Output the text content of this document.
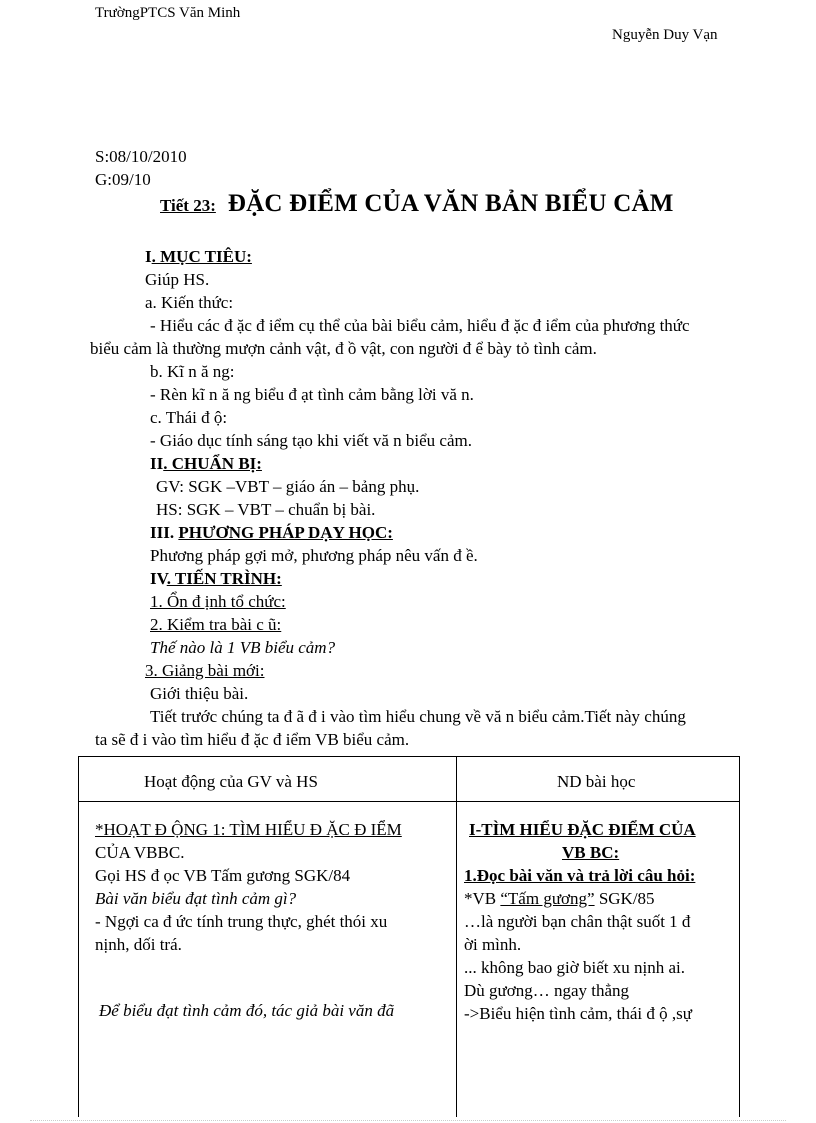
TrườngPTCS Văn Minh
Nguyễn Duy Vạn
S:08/10/2010
G:09/10
Tiết 23: ĐẶC ĐIỂM CỦA VĂN BẢN BIỂU CẢM
I. MỤC TIÊU:
Giúp HS.
a. Kiến thức:
- Hiểu các đ ặc đ iểm cụ thể của bài biểu cảm, hiểu đ ặc đ iểm của phương thức
biểu cảm là thường mượn cảnh vật, đ ồ vật, con người đ ể bày tỏ tình cảm.
b. Kĩ n ă ng:
- Rèn kĩ n ă ng biểu đ ạt tình cảm bằng lời vă n.
c. Thái đ ộ:
- Giáo dục tính sáng tạo khi viết vă n biểu cảm.
II. CHUẨN BỊ:
GV: SGK –VBT – giáo án – bảng phụ.
HS: SGK – VBT – chuẩn bị bài.
III. PHƯƠNG PHÁP DẠY HỌC:
Phương pháp gợi mở, phương pháp nêu vấn đ ề.
IV. TIẾN TRÌNH:
1. Ổn đ ịnh tổ chức:
2. Kiểm tra bài c ũ:
Thế nào là 1 VB biểu cảm?
3. Giảng bài mới:
Giới thiệu bài.
Tiết trước chúng ta đ ã đ i vào tìm hiểu chung về vă n biểu cảm.Tiết này chúng
ta sẽ đ i vào tìm hiểu đ ặc đ iểm VB biểu cảm.
Hoạt động của GV và HS	ND bài học
*HOẠT Đ ỘNG 1: TÌM HIỂU Đ ẶC Đ IỂM
CỦA VBBC.
Gọi HS đ ọc VB Tấm gương SGK/84
Bài văn biểu đạt tình cảm gì?
- Ngợi ca đ ức tính trung thực, ghét thói xu
nịnh, dối trá.
Để biểu đạt tình cảm đó, tác giả bài văn đã
I-TÌM HIỂU ĐẶC ĐIỂM CỦA
VB BC:
1.Đọc bài văn và trả lời câu hỏi:
*VB “Tấm gương” SGK/85
…là người bạn chân thật suốt 1 đ
ời mình.
... không bao giờ biết xu nịnh ai.
Dù gương… ngay thẳng
->Biểu hiện tình cảm, thái đ ộ ,sự
